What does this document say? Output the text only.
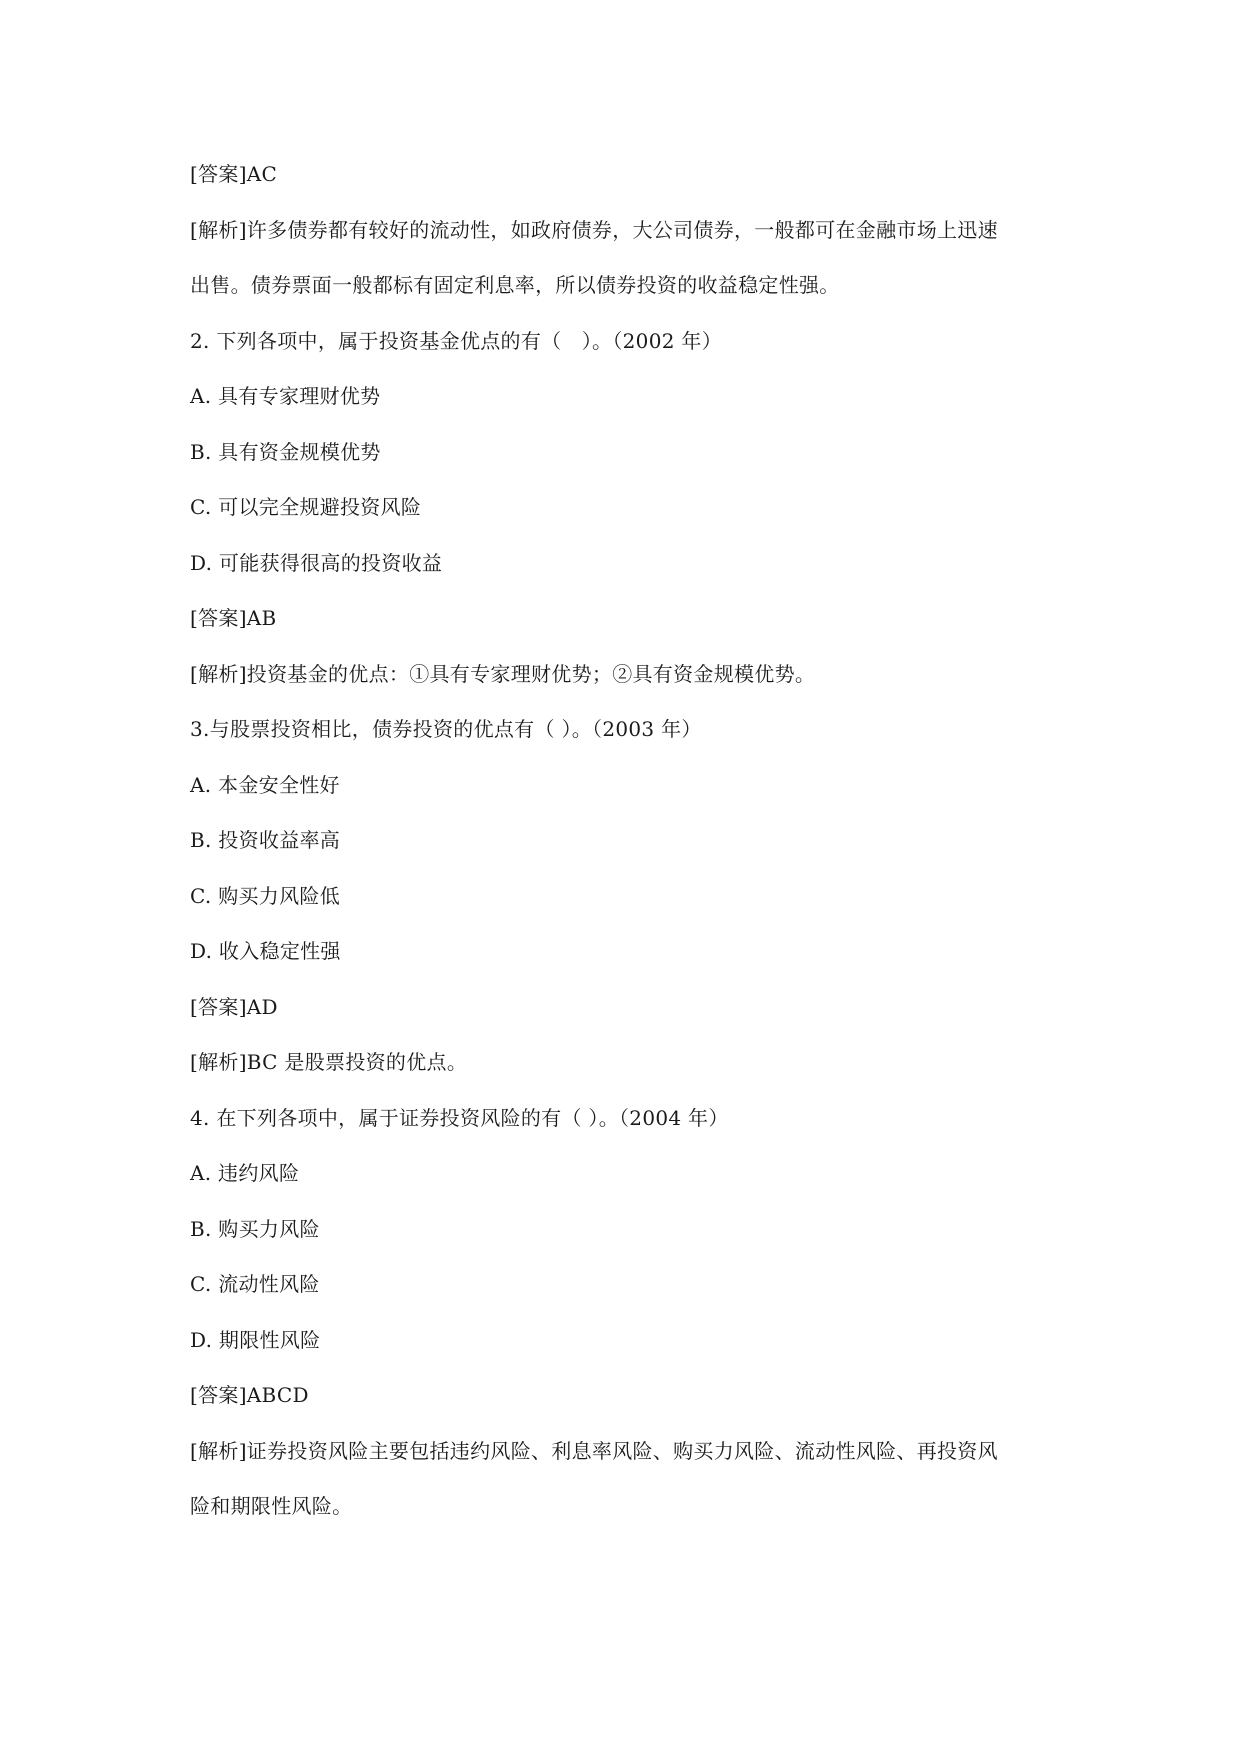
[答案]AC
[解析]许多债券都有较好的流动性，如政府债券，大公司债券，一般都可在金融市场上迅速
出售。债券票面一般都标有固定利息率，所以债券投资的收益稳定性强。
2. 下列各项中，属于投资基金优点的有（　）。（2002 年）
A. 具有专家理财优势
B. 具有资金规模优势
C. 可以完全规避投资风险
D. 可能获得很高的投资收益
[答案]AB
[解析]投资基金的优点：①具有专家理财优势；②具有资金规模优势。
3.与股票投资相比，债券投资的优点有（ ）。（2003 年）
A. 本金安全性好
B. 投资收益率高
C. 购买力风险低
D. 收入稳定性强
[答案]AD
[解析]BC 是股票投资的优点。
4. 在下列各项中，属于证券投资风险的有（ ）。（2004 年）
A. 违约风险
B. 购买力风险
C. 流动性风险
D. 期限性风险
[答案]ABCD
[解析]证券投资风险主要包括违约风险、利息率风险、购买力风险、流动性风险、再投资风
险和期限性风险。
